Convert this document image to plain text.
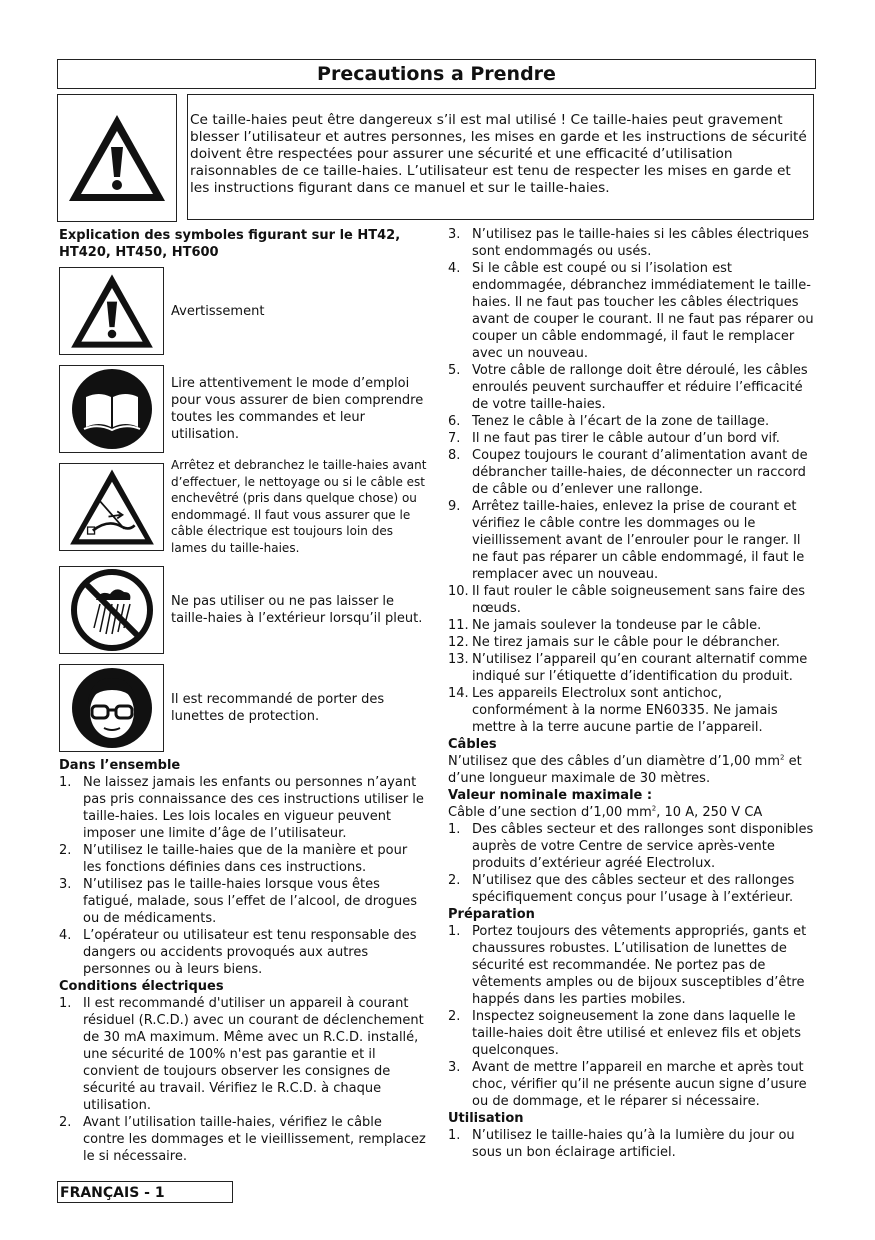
Precautions a Prendre
Ce taille-haies peut être dangereux s’il est mal utilisé ! Ce taille-haies peut gravement blesser l’utilisateur et autres personnes, les mises en garde et les instructions de sécurité doivent être respectées pour assurer une sécurité et une efficacité d’utilisation raisonnables de ce taille-haies. L’utilisateur est tenu de respecter les mises en garde et les instructions figurant dans ce manuel et sur le taille-haies.
Explication des symboles figurant sur le HT42, HT420, HT450, HT600
Avertissement
Lire attentivement le mode d’emploi pour vous assurer de bien comprendre toutes les commandes et leur utilisation.
Arrêtez et debranchez le taille-haies avant d’effectuer, le nettoyage ou si le câble est enchevêtré (pris dans quelque chose) ou endommagé. Il faut vous assurer que le câble électrique est toujours loin des lames du taille-haies.
Ne pas utiliser ou ne pas laisser le taille-haies à l’extérieur lorsqu’il pleut.
Il est recommandé de porter des lunettes de protection.
Dans l’ensemble
1. Ne laissez jamais les enfants ou personnes n’ayant pas pris connaissance des ces instructions utiliser le taille-haies. Les lois locales en vigueur peuvent imposer une limite d’âge de l’utilisateur.
2. N’utilisez le taille-haies que de la manière et pour les fonctions définies dans ces instructions.
3. N’utilisez pas le taille-haies lorsque vous êtes fatigué, malade, sous l’effet de l’alcool, de drogues ou de médicaments.
4. L’opérateur ou utilisateur est tenu responsable des dangers ou accidents provoqués aux autres personnes ou à leurs biens.
Conditions électriques
1. Il est recommandé d'utiliser un appareil à courant résiduel (R.C.D.) avec un courant de déclenchement de 30 mA maximum. Même avec un R.C.D. installé, une sécurité de 100% n'est pas garantie et il convient de toujours observer les consignes de sécurité au travail. Vérifiez le R.C.D. à chaque utilisation.
2. Avant l’utilisation taille-haies, vérifiez le câble contre les dommages et le vieillissement, remplacez le si nécessaire.
3. N’utilisez pas le taille-haies si les câbles électriques sont endommagés ou usés.
4. Si le câble est coupé ou si l’isolation est endommagée, débranchez immédiatement le taille-haies. Il ne faut pas toucher les câbles électriques avant de couper le courant. Il ne faut pas réparer ou couper un câble endommagé, il faut le remplacer avec un nouveau.
5. Votre câble de rallonge doit être déroulé, les câbles enroulés peuvent surchauffer et réduire l’efficacité de votre taille-haies.
6. Tenez le câble à l’écart de la zone de taillage.
7. Il ne faut pas tirer le câble autour d’un bord vif.
8. Coupez toujours le courant d’alimentation avant de débrancher taille-haies, de déconnecter un raccord de câble ou d’enlever une rallonge.
9. Arrêtez taille-haies, enlevez la prise de courant et vérifiez le câble contre les dommages ou le vieillissement avant de l’enrouler pour le ranger. Il ne faut pas réparer un câble endommagé, il faut le remplacer avec un nouveau.
10. Il faut rouler le câble soigneusement sans faire des nœuds.
11. Ne jamais soulever la tondeuse par le câble.
12. Ne tirez jamais sur le câble pour le débrancher.
13. N’utilisez l’appareil qu’en courant alternatif comme indiqué sur l’étiquette d’identification du produit.
14. Les appareils Electrolux sont antichoc, conformément à la norme EN60335. Ne jamais mettre à la terre aucune partie de l’appareil.
Câbles
N’utilisez que des câbles d’un diamètre d’1,00 $mm^2$ et d’une longueur maximale de 30 mètres.
Valeur nominale maximale :
Câble d’une section d’1,00 $mm^2$, 10 A, 250 V CA
1. Des câbles secteur et des rallonges sont disponibles auprès de votre Centre de service après-vente produits d’extérieur agréé Electrolux.
2. N’utilisez que des câbles secteur et des rallonges spécifiquement conçus pour l’usage à l’extérieur.
Préparation
1. Portez toujours des vêtements appropriés, gants et chaussures robustes. L’utilisation de lunettes de sécurité est recommandée. Ne portez pas de vêtements amples ou de bijoux susceptibles d’être happés dans les parties mobiles.
2. Inspectez soigneusement la zone dans laquelle le taille-haies doit être utilisé et enlevez fils et objets quelconques.
3. Avant de mettre l’appareil en marche et après tout choc, vérifier qu’il ne présente aucun signe d’usure ou de dommage, et le réparer si nécessaire.
Utilisation
1. N’utilisez le taille-haies qu’à la lumière du jour ou sous un bon éclairage artificiel.
FRANÇAIS - 1
